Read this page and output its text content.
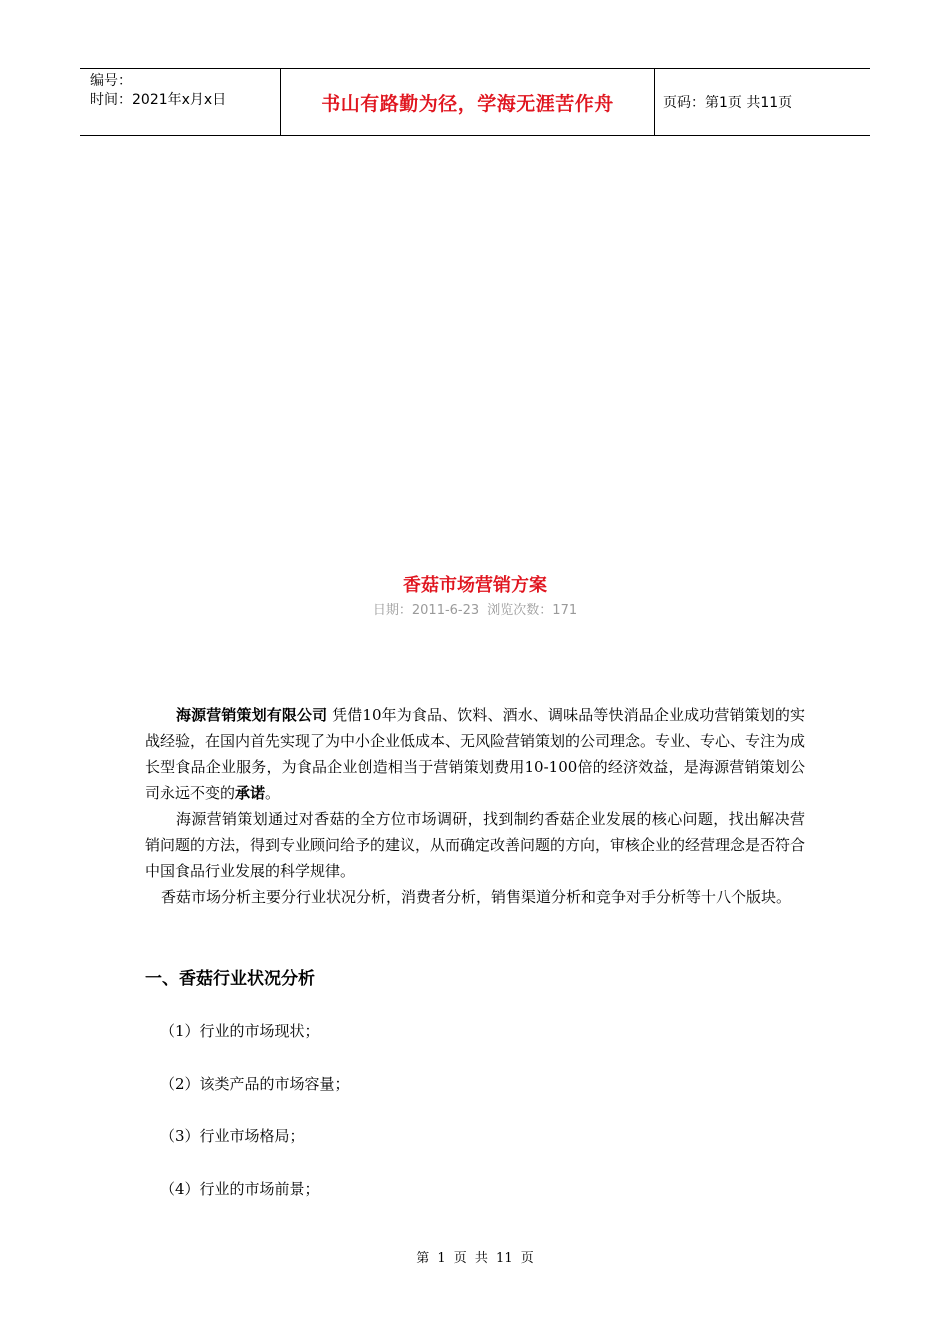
编号：
时间：2021年x月x日	书山有路勤为径，学海无涯苦作舟	页码：第1页 共11页
香菇市场营销方案
日期：2011-6-23 浏览次数：171

海源营销策划有限公司 凭借10年为食品、饮料、酒水、调味品等快消品企业成功营销策划的实战经验，在国内首先实现了为中小企业低成本、无风险营销策划的公司理念。专业、专心、专注为成长型食品企业服务，为食品企业创造相当于营销策划费用10-100倍的经济效益，是海源营销策划公司永远不变的承诺。

海源营销策划通过对香菇的全方位市场调研，找到制约香菇企业发展的核心问题，找出解决营销问题的方法，得到专业顾问给予的建议，从而确定改善问题的方向，审核企业的经营理念是否符合中国食品行业发展的科学规律。

香菇市场分析主要分行业状况分析，消费者分析，销售渠道分析和竞争对手分析等十八个版块。

一、香菇行业状况分析
（1）行业的市场现状；
（2）该类产品的市场容量；
（3）行业市场格局；
（4）行业的市场前景；
第 1 页 共 11 页
